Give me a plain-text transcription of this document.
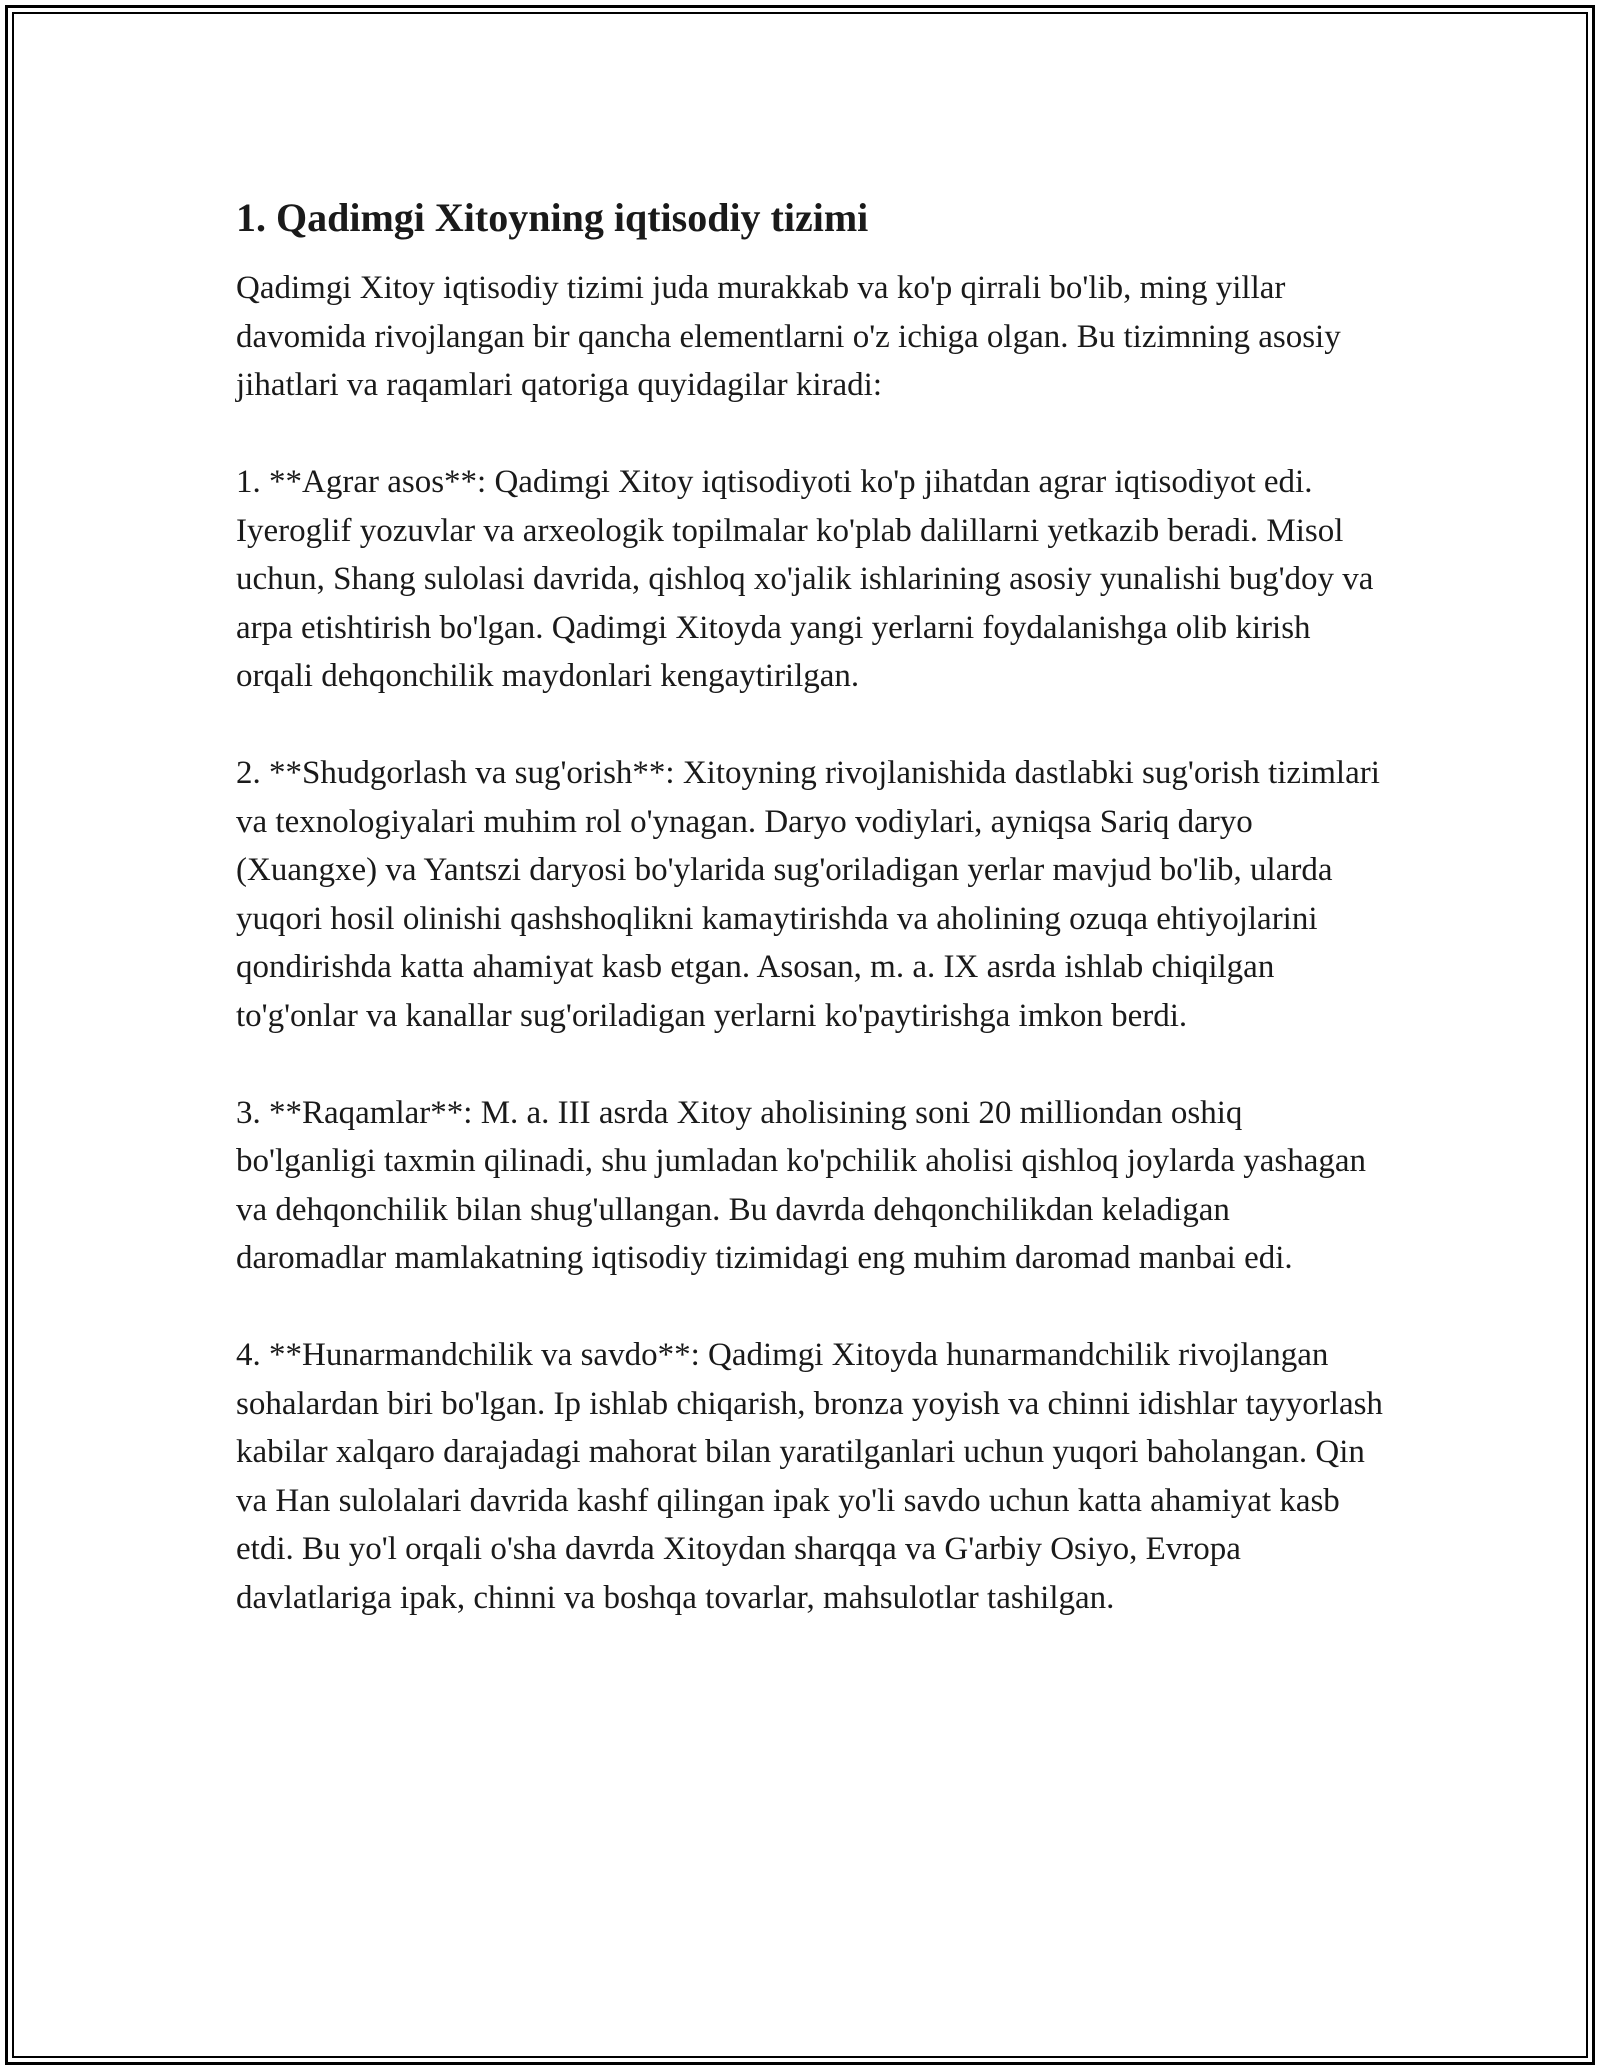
1. Qadimgi Xitoyning iqtisodiy tizimi

Qadimgi Xitoy iqtisodiy tizimi juda murakkab va ko'p qirrali bo'lib, ming yillar davomida rivojlangan bir qancha elementlarni o'z ichiga olgan. Bu tizimning asosiy jihatlari va raqamlari qatoriga quyidagilar kiradi:

1. **Agrar asos**: Qadimgi Xitoy iqtisodiyoti ko'p jihatdan agrar iqtisodiyot edi. Iyeroglif yozuvlar va arxeologik topilmalar ko'plab dalillarni yetkazib beradi. Misol uchun, Shang sulolasi davrida, qishloq xo'jalik ishlarining asosiy yunalishi bug'doy va arpa etishtirish bo'lgan. Qadimgi Xitoyda yangi yerlarni foydalanishga olib kirish orqali dehqonchilik maydonlari kengaytirilgan.

2. **Shudgorlash va sug'orish**: Xitoyning rivojlanishida dastlabki sug'orish tizimlari va texnologiyalari muhim rol o'ynagan. Daryo vodiylari, ayniqsa Sariq daryo (Xuangxe) va Yantszi daryosi bo'ylarida sug'oriladigan yerlar mavjud bo'lib, ularda yuqori hosil olinishi qashshoqlikni kamaytirishda va aholining ozuqa ehtiyojlarini qondirishda katta ahamiyat kasb etgan. Asosan, m. a. IX asrda ishlab chiqilgan to'g'onlar va kanallar sug'oriladigan yerlarni ko'paytirishga imkon berdi.

3. **Raqamlar**: M. a. III asrda Xitoy aholisining soni 20 milliondan oshiq bo'lganligi taxmin qilinadi, shu jumladan ko'pchilik aholisi qishloq joylarda yashagan va dehqonchilik bilan shug'ullangan. Bu davrda dehqonchilikdan keladigan daromadlar mamlakatning iqtisodiy tizimidagi eng muhim daromad manbai edi.

4. **Hunarmandchilik va savdo**: Qadimgi Xitoyda hunarmandchilik rivojlangan sohalardan biri bo'lgan. Ip ishlab chiqarish, bronza yoyish va chinni idishlar tayyorlash kabilar xalqaro darajadagi mahorat bilan yaratilganlari uchun yuqori baholangan. Qin va Han sulolalari davrida kashf qilingan ipak yo'li savdo uchun katta ahamiyat kasb etdi. Bu yo'l orqali o'sha davrda Xitoydan sharqqa va G'arbiy Osiyo, Evropa davlatlariga ipak, chinni va boshqa tovarlar, mahsulotlar tashilgan.
